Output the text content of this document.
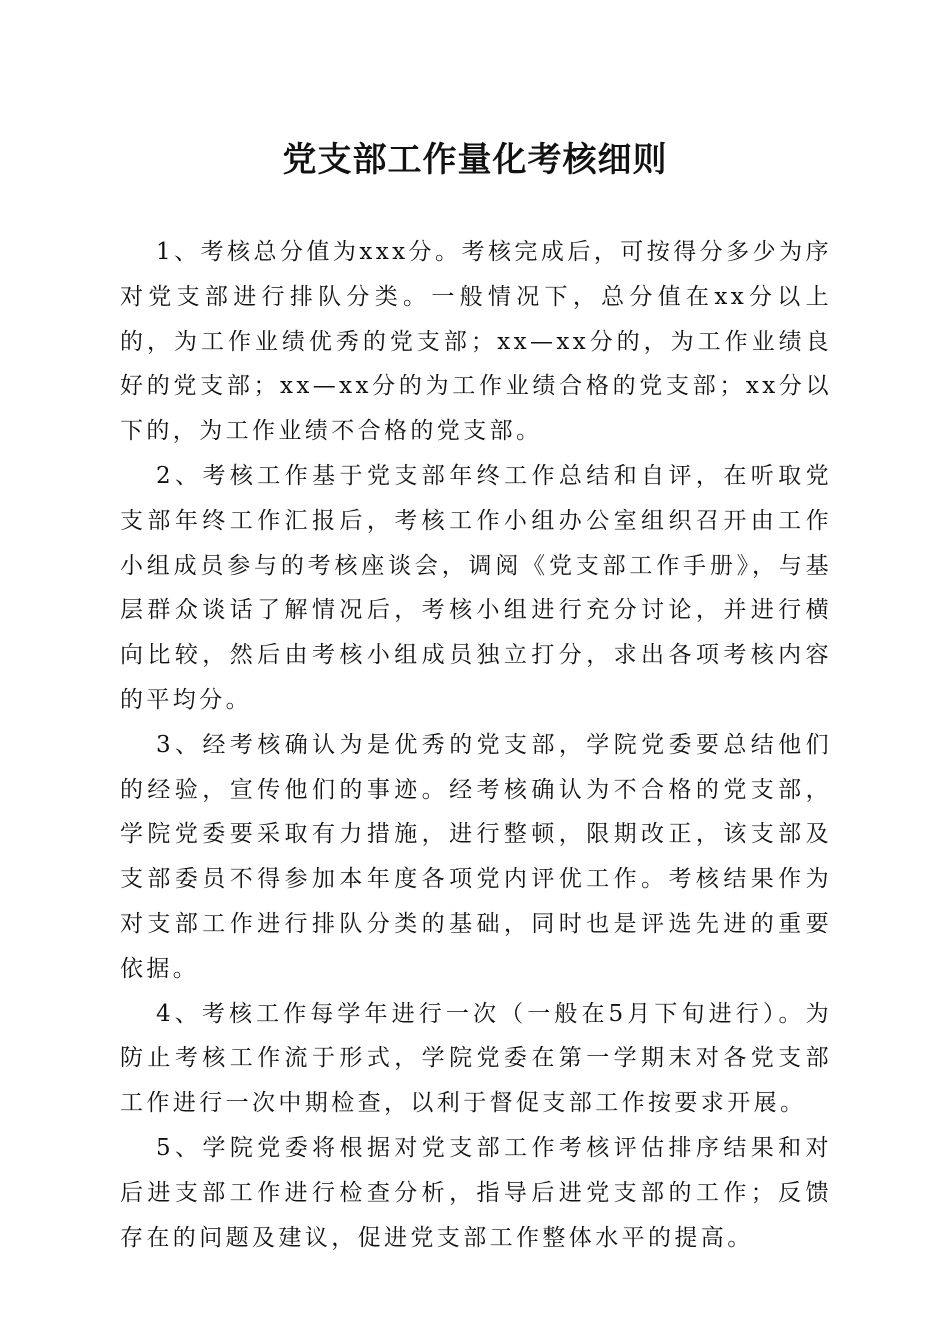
党支部工作量化考核细则

1、考核总分值为xxx分。考核完成后，可按得分多少为序对党支部进行排队分类。一般情况下，总分值在xx分以上的，为工作业绩优秀的党支部；xx—xx分的，为工作业绩良好的党支部；xx—xx分的为工作业绩合格的党支部；xx分以下的，为工作业绩不合格的党支部。

2、考核工作基于党支部年终工作总结和自评，在听取党支部年终工作汇报后，考核工作小组办公室组织召开由工作小组成员参与的考核座谈会，调阅《党支部工作手册》，与基层群众谈话了解情况后，考核小组进行充分讨论，并进行横向比较，然后由考核小组成员独立打分，求出各项考核内容的平均分。

3、经考核确认为是优秀的党支部，学院党委要总结他们的经验，宣传他们的事迹。经考核确认为不合格的党支部，学院党委要采取有力措施，进行整顿，限期改正，该支部及支部委员不得参加本年度各项党内评优工作。考核结果作为对支部工作进行排队分类的基础，同时也是评选先进的重要依据。

4、考核工作每学年进行一次（一般在5月下旬进行）。为防止考核工作流于形式，学院党委在第一学期末对各党支部工作进行一次中期检查，以利于督促支部工作按要求开展。

5、学院党委将根据对党支部工作考核评估排序结果和对后进支部工作进行检查分析，指导后进党支部的工作；反馈存在的问题及建议，促进党支部工作整体水平的提高。
